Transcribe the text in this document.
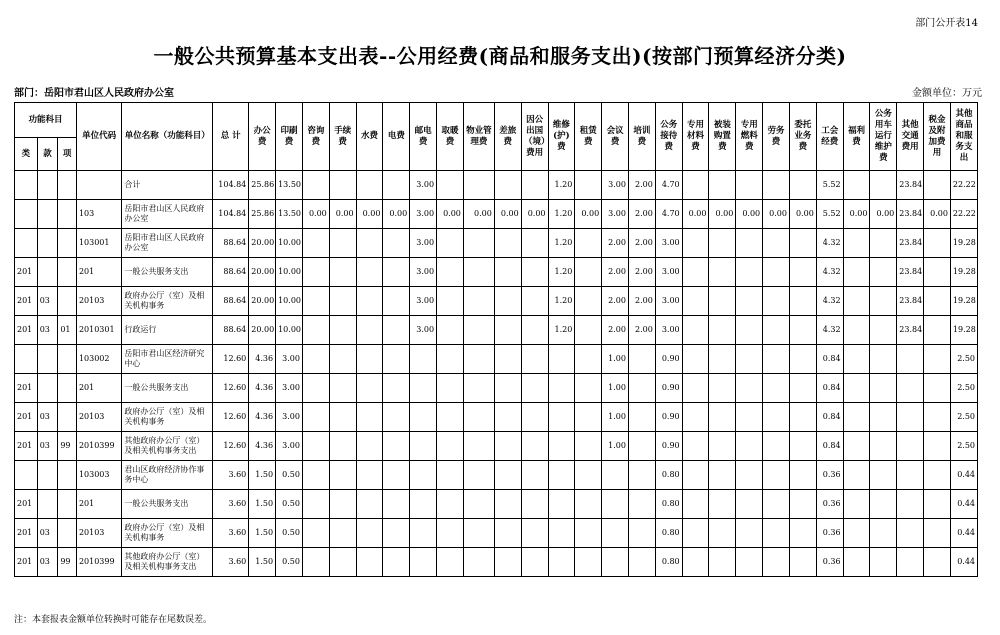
部门公开表14
一般公共预算基本支出表--公用经费(商品和服务支出)(按部门预算经济分类)
部门：岳阳市君山区人民政府办公室	金额单位：万元
功能科目			单位代码	单位名称（功能科目）	总 计	办公费	印刷费	咨询费	手续费	水费	电费	邮电费	取暖费	物业管理费	差旅费	因公出国（境）费用	维修(护)费	租赁费	会议费	培训费	公务接待费	专用材料费	被装购置费	专用燃料费	劳务费	委托业务费	工会经费	福利费	公务用车运行维护费	其他交通费用	税金及附加费用	其他商品和服务支出
类	款	项																														
				合计	104.84	25.86	13.50					3.00					1.20		3.00	2.00	4.70						5.52			23.84		22.22
			103	岳阳市君山区人民政府办公室	104.84	25.86	13.50	0.00	0.00	0.00	0.00	3.00	0.00	0.00	0.00	0.00	1.20	0.00	3.00	2.00	4.70	0.00	0.00	0.00	0.00	0.00	5.52	0.00	0.00	23.84	0.00	22.22
			103001	岳阳市君山区人民政府办公室	88.64	20.00	10.00					3.00					1.20		2.00	2.00	3.00						4.32			23.84		19.28
201			201	一般公共服务支出	88.64	20.00	10.00					3.00					1.20		2.00	2.00	3.00						4.32			23.84		19.28
201	03		20103	政府办公厅（室）及相关机构事务	88.64	20.00	10.00					3.00					1.20		2.00	2.00	3.00						4.32			23.84		19.28
201	03	01	2010301	行政运行	88.64	20.00	10.00					3.00					1.20		2.00	2.00	3.00						4.32			23.84		19.28
			103002	岳阳市君山区经济研究中心	12.60	4.36	3.00												1.00		0.90						0.84					2.50
201			201	一般公共服务支出	12.60	4.36	3.00												1.00		0.90						0.84					2.50
201	03		20103	政府办公厅（室）及相关机构事务	12.60	4.36	3.00												1.00		0.90						0.84					2.50
201	03	99	2010399	其他政府办公厅（室）及相关机构事务支出	12.60	4.36	3.00												1.00		0.90						0.84					2.50
			103003	君山区政府经济协作事务中心	3.60	1.50	0.50														0.80						0.36					0.44
201			201	一般公共服务支出	3.60	1.50	0.50														0.80						0.36					0.44
201	03		20103	政府办公厅（室）及相关机构事务	3.60	1.50	0.50														0.80						0.36					0.44
201	03	99	2010399	其他政府办公厅（室）及相关机构事务支出	3.60	1.50	0.50														0.80						0.36					0.44
注：本套报表金额单位转换时可能存在尾数误差。
